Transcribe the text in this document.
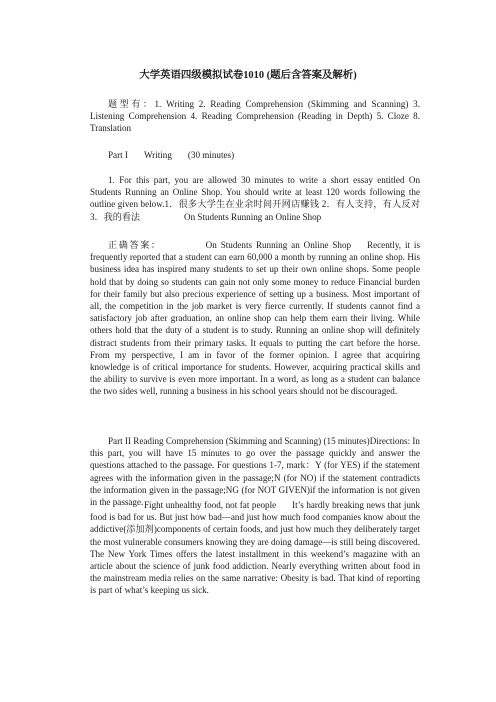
大学英语四级模拟试卷1010 (题后含答案及解析)

题型有：1. Writing 2. Reading Comprehension (Skimming and Scanning) 3. Listening Comprehension 4. Reading Comprehension (Reading in Depth) 5. Cloze 8. Translation

Part I Writing (30 minutes)

1. For this part, you are allowed 30 minutes to write a short essay entitled On Students Running an Online Shop. You should write at least 120 words following the outline given below.1．很多大学生在业余时间开网店赚钱 2．有人支持，有人反对 3．我的看法	On Students Running an Online Shop

正确答案：	On Students Running an Online Shop Recently, it is frequently reported that a student can earn 60,000 a month by running an online shop. His business idea has inspired many students to set up their own online shops. Some people hold that by doing so students can gain not only some money to reduce Financial burden for their family but also precious experience of setting up a business. Most important of all, the competition in the job market is very fierce currently. If students cannot find a satisfactory job after graduation, an online shop can help them earn their living. While others hold that the duty of a student is to study. Running an online shop will definitely distract students from their primary tasks. It equals to putting the cart before the horse. From my perspective, I am in favor of the former opinion. I agree that acquiring knowledge is of critical importance for students. However, acquiring practical skills and the ability to survive is even more important. In a word, as long as a student can balance the two sides well, running a business in his school years should not be discouraged.

Part II Reading Comprehension (Skimming and Scanning) (15 minutes)Directions: In this part, you will have 15 minutes to go over the passage quickly and answer the questions attached to the passage. For questions 1-7, mark：Y (for YES) if the statement agrees with the information given in the passage;N (for NO) if the statement contradicts the information given in the passage;NG (for NOT GIVEN)if the information is not given in the passage. Fight unhealthy food, not fat people It’s hardly breaking news that junk food is bad for us. But just how bad—and just how much food companies know about the addictive(添加剂)components of certain foods, and just how much they deliberately target the most vulnerable consumers knowing they are doing damage—is still being discovered. The New York Times offers the latest installment in this weekend’s magazine with an article about the science of junk food addiction. Nearly everything written about food in the mainstream media relies on the same narrative: Obesity is bad. That kind of reporting is part of what’s keeping us sick.
